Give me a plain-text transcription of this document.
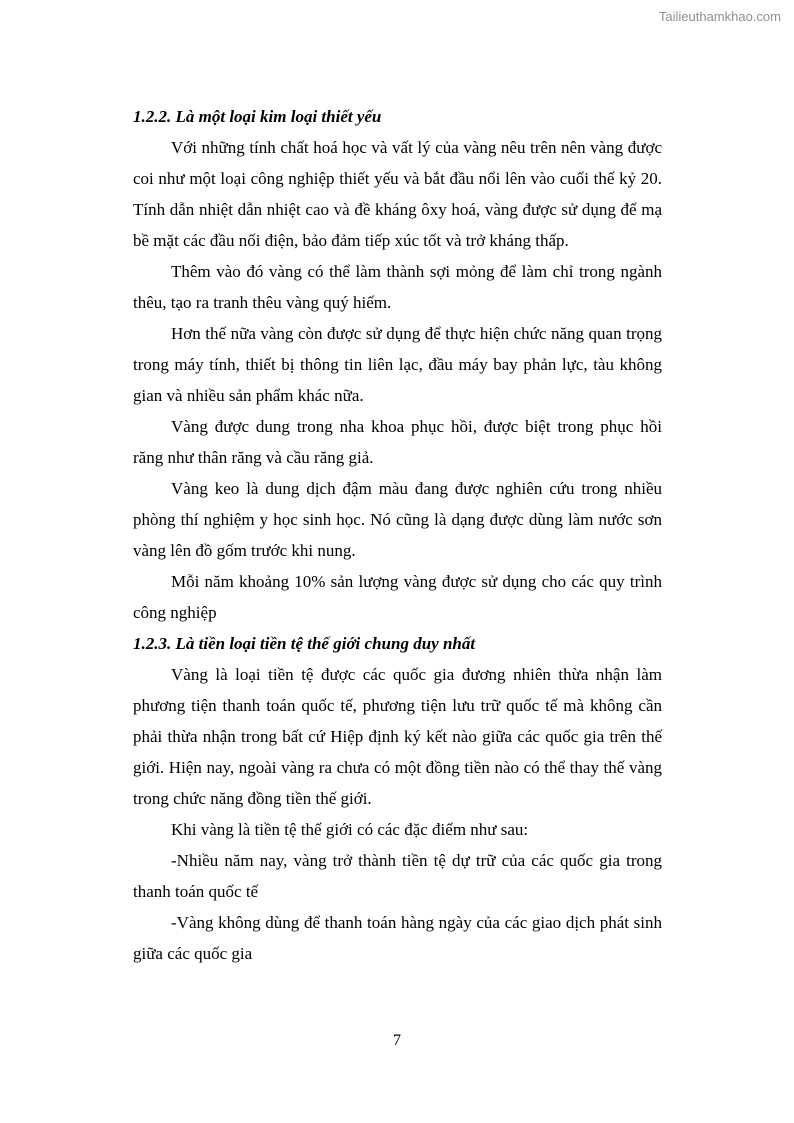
Tailieuthamkhao.com

1.2.2. Là một loại kim loại thiết yếu

Với những tính chất hoá học và vất lý của vàng nêu trên nên vàng được coi như một loại công nghiệp thiết yếu và bắt đầu nổi lên vào cuối thế kỷ 20. Tính dẫn nhiệt dẫn nhiệt cao và đề kháng ôxy hoá, vàng được sử dụng để mạ bề mặt các đầu nối điện, bảo đảm tiếp xúc tốt và trở kháng thấp.

Thêm vào đó vàng có thể làm thành sợi mỏng để làm chỉ trong ngành thêu, tạo ra tranh thêu vàng quý hiếm.

Hơn thế nữa vàng còn được sử dụng để thực hiện chức năng quan trọng trong máy tính, thiết bị thông tin liên lạc, đầu máy bay phản lực, tàu không gian và nhiều sản phẩm khác nữa.

Vàng được dung trong nha khoa phục hồi, được biệt trong phục hồi răng như thân răng và cầu răng giả.

Vàng keo là dung dịch đậm màu đang được nghiên cứu trong nhiều phòng thí nghiệm y học sinh học. Nó cũng là dạng được dùng làm nước sơn vàng lên đồ gốm trước khi nung.

Mỗi năm khoảng 10% sản lượng vàng được sử dụng cho các quy trình công nghiệp

1.2.3. Là tiền loại tiền tệ thế giới chung duy nhất

Vàng là loại tiền tệ được các quốc gia đương nhiên thừa nhận làm phương tiện thanh toán quốc tế, phương tiện lưu trữ quốc tế mà không cần phải thừa nhận trong bất cứ Hiệp định ký kết nào giữa các quốc gia trên thế giới. Hiện nay, ngoài vàng ra chưa có một đồng tiền nào có thể thay thế vàng trong chức năng đồng tiền thế giới.

Khi vàng là tiền tệ thế giới có các đặc điểm như sau:

-Nhiều năm nay, vàng trở thành tiền tệ dự trữ của các quốc gia trong thanh toán quốc tế

-Vàng không dùng để thanh toán hàng ngày của các giao dịch phát sinh giữa các quốc gia

7
